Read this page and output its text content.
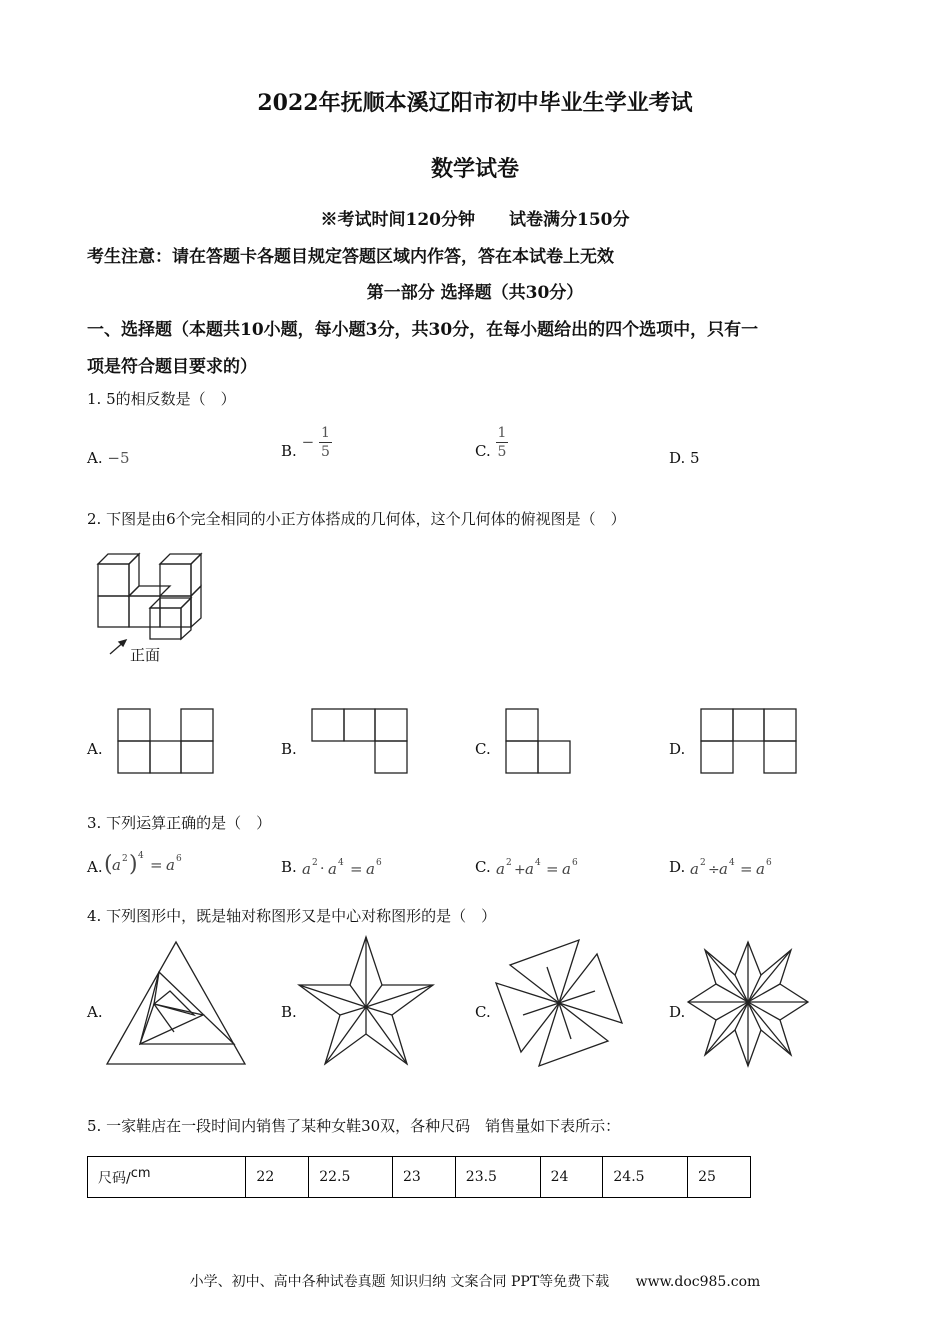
2022年抚顺本溪辽阳市初中毕业生学业考试
数学试卷
※考试时间120分钟　　试卷满分150分
考生注意：请在答题卡各题目规定答题区域内作答，答在本试卷上无效
第一部分 选择题（共30分）
一、选择题（本题共10小题，每小题3分，共30分，在每小题给出的四个选项中，只有一
项是符合题目要求的）
1. 5的相反数是（　）
A. −5	B. − $\frac{1}{5}$	C. $\frac{1}{5}$	D. 5
2. 下图是由6个完全相同的小正方体搭成的几何体，这个几何体的俯视图是（　）
正面
A.	B.	C.	D.
3. 下列运算正确的是（　）
A. ( a 2 ) 4 = a 6	B. a 2 · a 4 = a 6	C. a 2 + a 4 = a 6	D. a 2 ÷ a 4 = a 6
4. 下列图形中，既是轴对称图形又是中心对称图形的是（　）
A.	B.	C.	D.
5. 一家鞋店在一段时间内销售了某种女鞋30双，各种尺码　销售量如下表所示：
尺码/$^{cm}$	22	22.5	23	23.5	24	24.5	25
小学、初中、高中各种试卷真题 知识归纳 文案合同 PPT等免费下载 www.doc985.com
